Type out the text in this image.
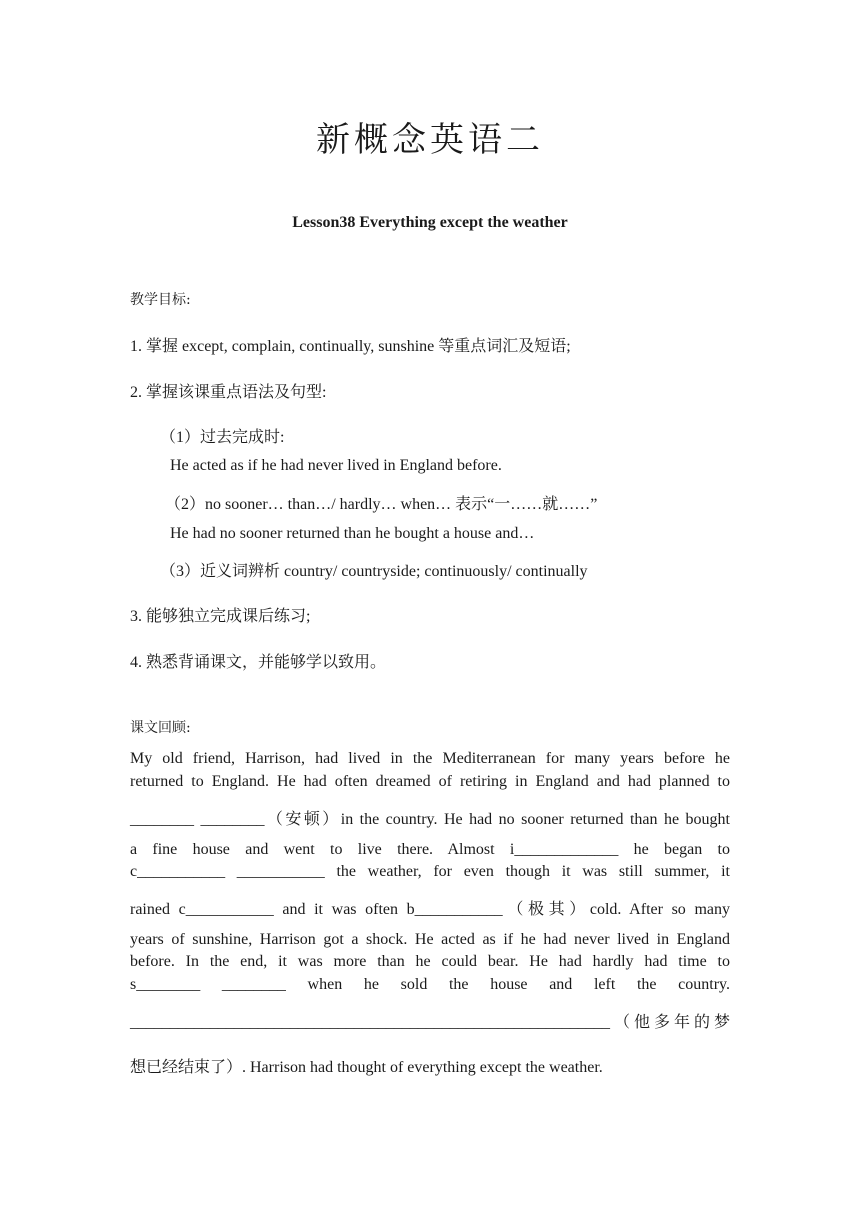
新概念英语二
Lesson38 Everything except the weather
教学目标:
1. 掌握 except, complain, continually, sunshine 等重点词汇及短语;
2. 掌握该课重点语法及句型:
（1）过去完成时:
He acted as if he had never lived in England before.
（2）no sooner… than…/ hardly… when… 表示“一……就……”
He had no sooner returned than he bought a house and…
（3）近义词辨析 country/ countryside; continuously/ continually
3. 能够独立完成课后练习;
4. 熟悉背诵课文，并能够学以致用。
课文回顾:
My old friend, Harrison, had lived in the Mediterranean for many years before he
returned to England. He had often dreamed of retiring in England and had planned to
________ ________（安顿）in the country. He had no sooner returned than he bought
a fine house and went to live there. Almost i_____________ he began to
c___________ ___________ the weather, for even though it was still summer, it
rained c___________ and it was often b___________（极其）cold. After so many
years of sunshine, Harrison got a shock. He acted as if he had never lived in England
before. In the end, it was more than he could bear. He had hardly had time to
s________ ________ when he sold the house and left the country.
____________________________________________________________（他多年的梦
想已经结束了）. Harrison had thought of everything except the weather.
